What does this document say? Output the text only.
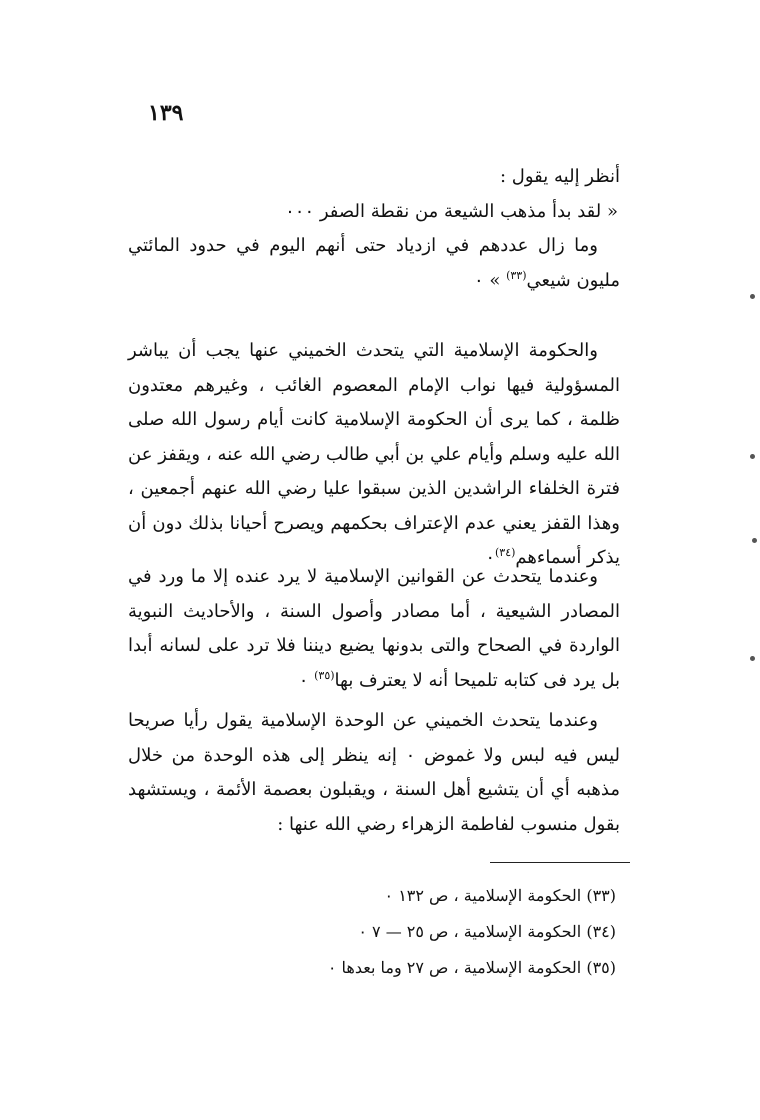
١٣٩
أنظر إليه يقول :
« لقد بدأ مذهب الشيعة من نقطة الصفر ٠٠٠
وما زال عددهم في ازدياد حتى أنهم اليوم في حدود المائتي مليون شيعي$^{(٣٣)}$ » ٠
والحكومة الإسلامية التي يتحدث الخميني عنها يجب أن يباشر المسؤولية فيها نواب الإمام المعصوم الغائب ، وغيرهم معتدون ظلمة ، كما يرى أن الحكومة الإسلامية كانت أيام رسول الله صلى الله عليه وسلم وأيام علي بن أبي طالب رضي الله عنه ، ويقفز عن فترة الخلفاء الراشدين الذين سبقوا عليا رضي الله عنهم أجمعين ، وهذا القفز يعني عدم الإعتراف بحكمهم ويصرح أحيانا بذلك دون أن يذكر أسماءهم$^{(٣٤)}$٠
وعندما يتحدث عن القوانين الإسلامية لا يرد عنده إلا ما ورد في المصادر الشيعية ، أما مصادر وأصول السنة ، والأحاديث النبوية الواردة في الصحاح والتى بدونها يضيع ديننا فلا ترد على لسانه أبدا بل يرد فى كتابه تلميحا أنه لا يعترف بها$^{(٣٥)}$ ٠
وعندما يتحدث الخميني عن الوحدة الإسلامية يقول رأيا صريحا ليس فيه لبس ولا غموض ٠ إنه ينظر إلى هذه الوحدة من خلال مذهبه أي أن يتشيع أهل السنة ، ويقبلون بعصمة الأئمة ، ويستشهد بقول منسوب لفاطمة الزهراء رضي الله عنها :
(٣٣) الحكومة الإسلامية ، ص ١٣٢ ٠
(٣٤) الحكومة الإسلامية ، ص ٢٥ — ٧ ٠
(٣٥) الحكومة الإسلامية ، ص ٢٧ وما بعدها ٠
